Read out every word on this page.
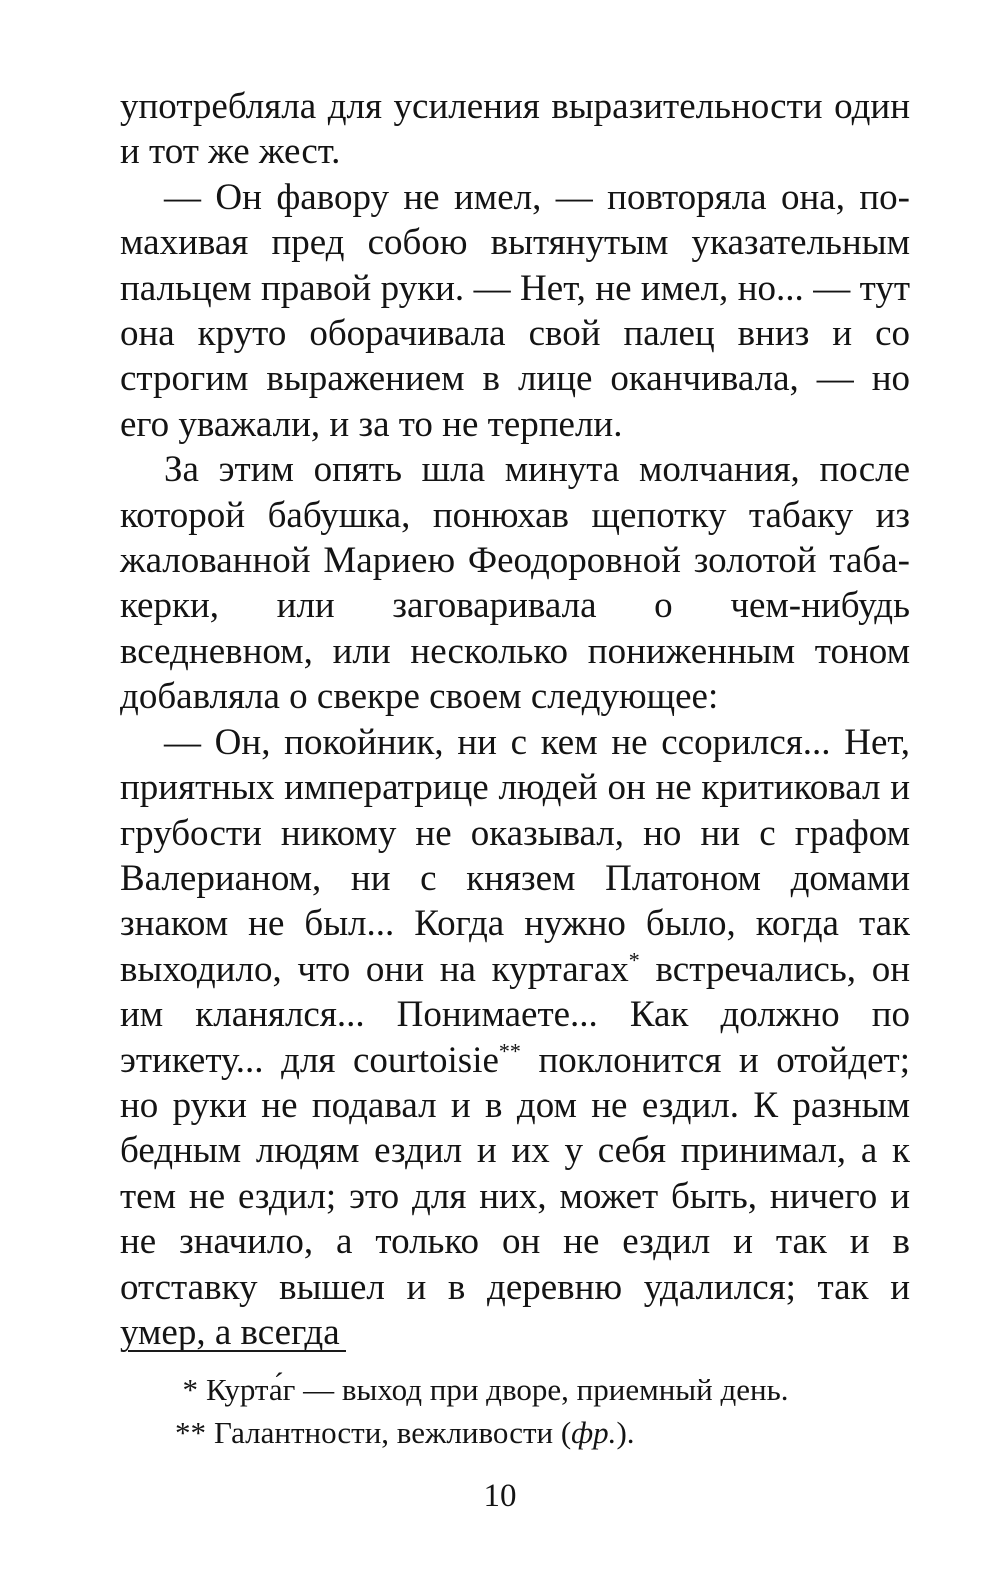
употребляла для усиления выразительности один и тот же жест.

— Он фавору не имел, — повторяла она, помахивая пред собою вытянутым указательным пальцем правой руки. — Нет, не имел, но... — тут она круто оборачивала свой палец вниз и со строгим выражением в лице оканчивала, — но его уважали, и за то не терпели.

За этим опять шла минута молчания, после которой бабушка, понюхав щепотку табаку из жалованной Мариею Феодоровной золотой табакерки, или заговаривала о чем-нибудь вседневном, или несколько пониженным тоном добавляла о свекре своем следующее:

— Он, покойник, ни с кем не ссорился... Нет, приятных императрице людей он не критиковал и грубости никому не оказывал, но ни с графом Валерианом, ни с князем Платоном домами знаком не был... Когда нужно было, когда так выходило, что они на куртагах* встречались, он им кланялся... Понимаете... Как должно по этикету... для courtoisie** поклонится и отойдет; но руки не подавал и в дом не ездил. К разным бедным людям ездил и их у себя принимал, а к тем не ездил; это для них, может быть, ничего и не значило, а только он не ездил и так и в отставку вышел и в деревню удалился; так и умер, а всегда

* Курта́г — выход при дворе, приемный день.
** Галантности, вежливости (фр.).
10
